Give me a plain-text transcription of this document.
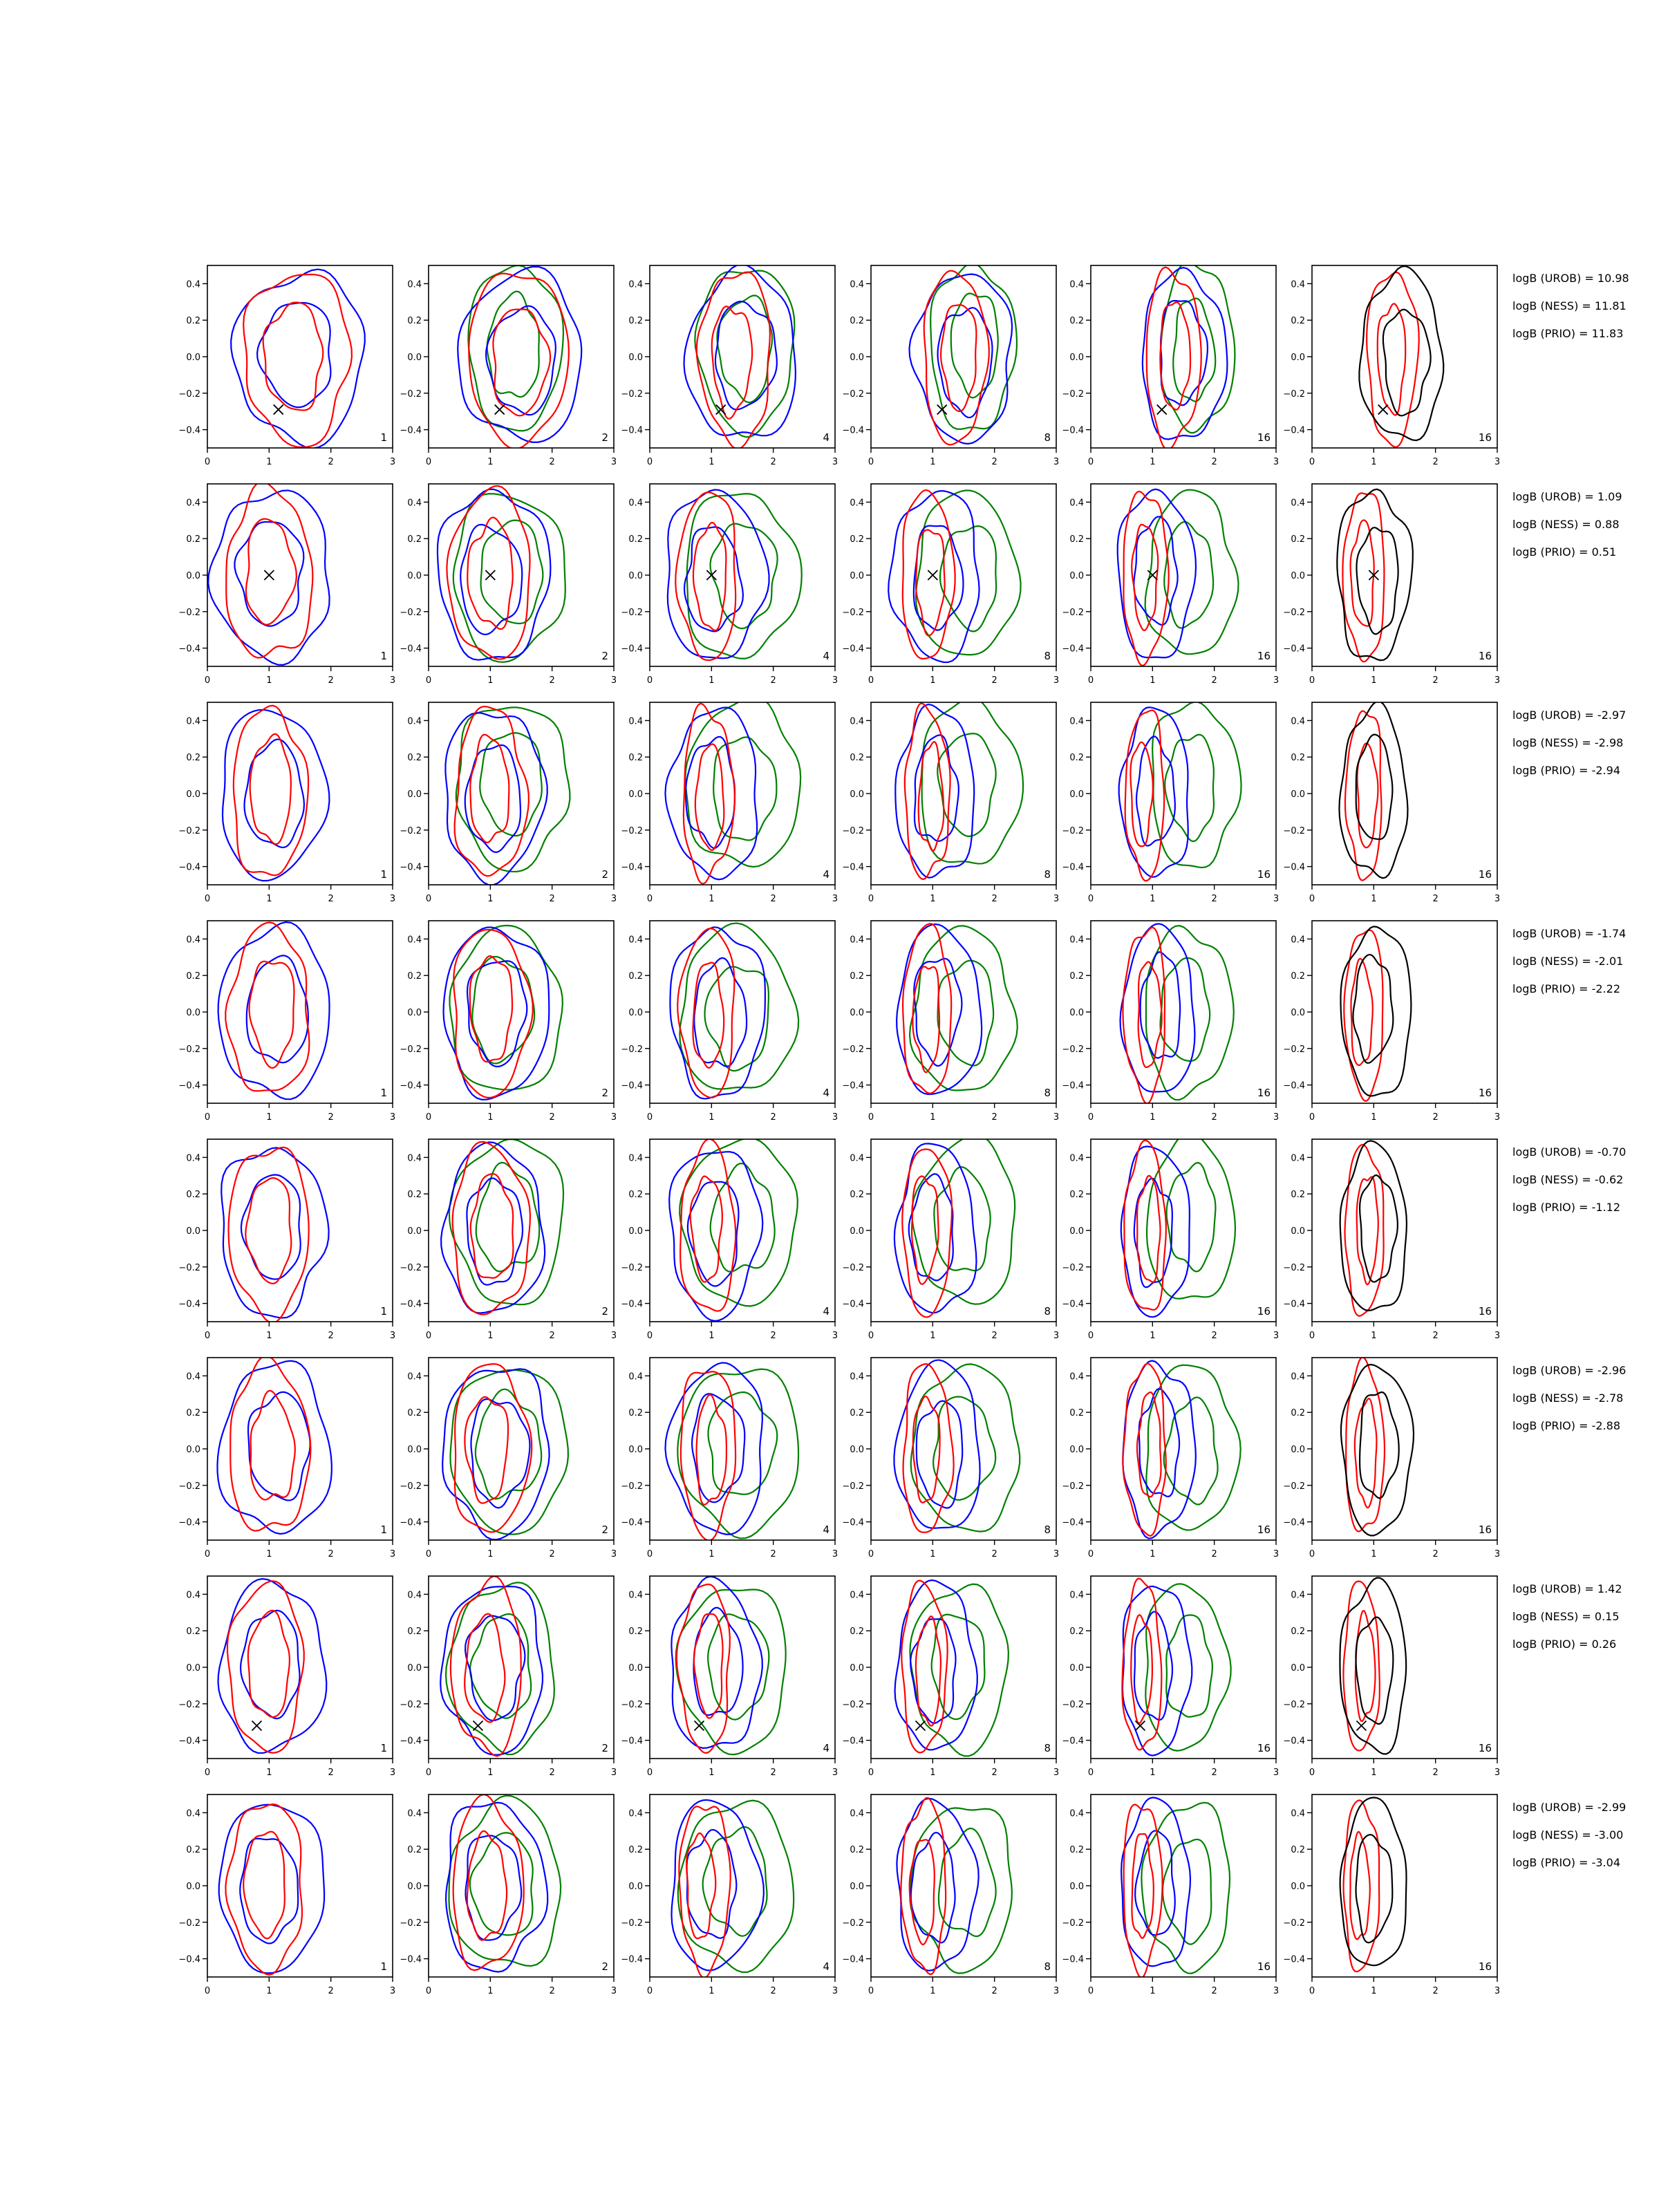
0	1	2	3
−0.4
−0.2
0.0
0.2
0.4
1
0	1	2	3
−0.4
−0.2
0.0
0.2
0.4
2
0	1	2	3
−0.4
−0.2
0.0
0.2
0.4
4
0	1	2	3
−0.4
−0.2
0.0
0.2
0.4
8
0	1	2	3
−0.4
−0.2
0.0
0.2
0.4
16
0	1	2	3
−0.4
−0.2
0.0
0.2
0.4
16
logB (UROB) = 10.98
logB (NESS) = 11.81
logB (PRIO) = 11.83
0	1	2	3
−0.4
−0.2
0.0
0.2
0.4
1
0	1	2	3
−0.4
−0.2
0.0
0.2
0.4
2
0	1	2	3
−0.4
−0.2
0.0
0.2
0.4
4
0	1	2	3
−0.4
−0.2
0.0
0.2
0.4
8
0	1	2	3
−0.4
−0.2
0.0
0.2
0.4
16
0	1	2	3
−0.4
−0.2
0.0
0.2
0.4
16
logB (UROB) = 1.09
logB (NESS) = 0.88
logB (PRIO) = 0.51
0	1	2	3
−0.4
−0.2
0.0
0.2
0.4
1
0	1	2	3
−0.4
−0.2
0.0
0.2
0.4
2
0	1	2	3
−0.4
−0.2
0.0
0.2
0.4
4
0	1	2	3
−0.4
−0.2
0.0
0.2
0.4
8
0	1	2	3
−0.4
−0.2
0.0
0.2
0.4
16
0	1	2	3
−0.4
−0.2
0.0
0.2
0.4
16
logB (UROB) = -2.97
logB (NESS) = -2.98
logB (PRIO) = -2.94
0	1	2	3
−0.4
−0.2
0.0
0.2
0.4
1
0	1	2	3
−0.4
−0.2
0.0
0.2
0.4
2
0	1	2	3
−0.4
−0.2
0.0
0.2
0.4
4
0	1	2	3
−0.4
−0.2
0.0
0.2
0.4
8
0	1	2	3
−0.4
−0.2
0.0
0.2
0.4
16
0	1	2	3
−0.4
−0.2
0.0
0.2
0.4
16
logB (UROB) = -1.74
logB (NESS) = -2.01
logB (PRIO) = -2.22
0	1	2	3
−0.4
−0.2
0.0
0.2
0.4
1
0	1	2	3
−0.4
−0.2
0.0
0.2
0.4
2
0	1	2	3
−0.4
−0.2
0.0
0.2
0.4
4
0	1	2	3
−0.4
−0.2
0.0
0.2
0.4
8
0	1	2	3
−0.4
−0.2
0.0
0.2
0.4
16
0	1	2	3
−0.4
−0.2
0.0
0.2
0.4
16
logB (UROB) = -0.70
logB (NESS) = -0.62
logB (PRIO) = -1.12
0	1	2	3
−0.4
−0.2
0.0
0.2
0.4
1
0	1	2	3
−0.4
−0.2
0.0
0.2
0.4
2
0	1	2	3
−0.4
−0.2
0.0
0.2
0.4
4
0	1	2	3
−0.4
−0.2
0.0
0.2
0.4
8
0	1	2	3
−0.4
−0.2
0.0
0.2
0.4
16
0	1	2	3
−0.4
−0.2
0.0
0.2
0.4
16
logB (UROB) = -2.96
logB (NESS) = -2.78
logB (PRIO) = -2.88
0	1	2	3
−0.4
−0.2
0.0
0.2
0.4
1
0	1	2	3
−0.4
−0.2
0.0
0.2
0.4
2
0	1	2	3
−0.4
−0.2
0.0
0.2
0.4
4
0	1	2	3
−0.4
−0.2
0.0
0.2
0.4
8
0	1	2	3
−0.4
−0.2
0.0
0.2
0.4
16
0	1	2	3
−0.4
−0.2
0.0
0.2
0.4
16
logB (UROB) = 1.42
logB (NESS) = 0.15
logB (PRIO) = 0.26
0	1	2	3
−0.4
−0.2
0.0
0.2
0.4
1
0	1	2	3
−0.4
−0.2
0.0
0.2
0.4
2
0	1	2	3
−0.4
−0.2
0.0
0.2
0.4
4
0	1	2	3
−0.4
−0.2
0.0
0.2
0.4
8
0	1	2	3
−0.4
−0.2
0.0
0.2
0.4
16
0	1	2	3
−0.4
−0.2
0.0
0.2
0.4
16
logB (UROB) = -2.99
logB (NESS) = -3.00
logB (PRIO) = -3.04
